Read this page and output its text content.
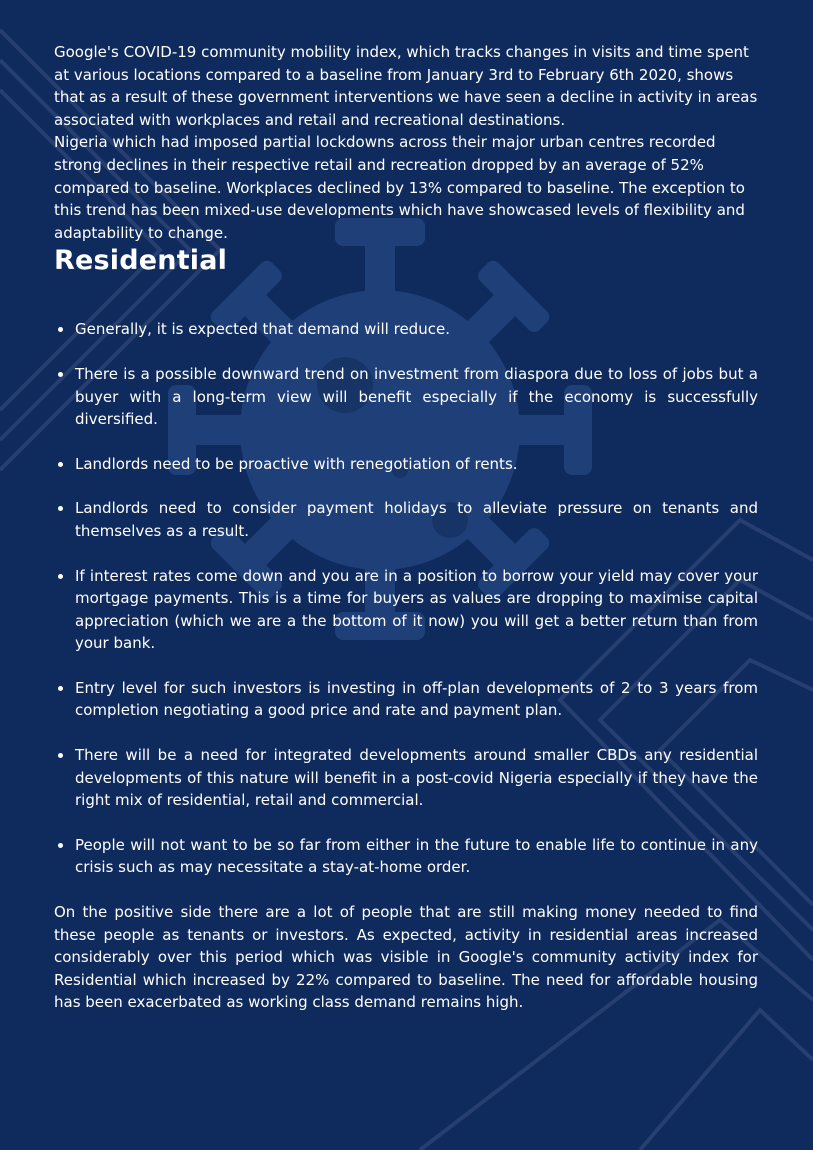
Google's COVID-19 community mobility index, which tracks changes in visits and time spent at various locations compared to a baseline from January 3rd to February 6th 2020, shows that as a result of these government interventions we have seen a decline in activity in areas associated with workplaces and retail and recreational destinations.

Nigeria which had imposed partial lockdowns across their major urban centres recorded strong declines in their respective retail and recreation dropped by an average of 52% compared to baseline. Workplaces declined by 13% compared to baseline. The exception to this trend has been mixed-use developments which have showcased levels of flexibility and adaptability to change.

Residential
Generally, it is expected that demand will reduce.
There is a possible downward trend on investment from diaspora due to loss of jobs but a buyer with a long-term view will benefit especially if the economy is successfully diversified.
Landlords need to be proactive with renegotiation of rents.
Landlords need to consider payment holidays to alleviate pressure on tenants and themselves as a result.
If interest rates come down and you are in a position to borrow your yield may cover your mortgage payments. This is a time for buyers as values are dropping to maximise capital appreciation (which we are a the bottom of it now) you will get a better return than from your bank.
Entry level for such investors is investing in off-plan developments of 2 to 3 years from completion negotiating a good price and rate and payment plan.
There will be a need for integrated developments around smaller CBDs any residential developments of this nature will benefit in a post-covid Nigeria especially if they have the right mix of residential, retail and commercial.
People will not want to be so far from either in the future to enable life to continue in any crisis such as may necessitate a stay-at-home order.

On the positive side there are a lot of people that are still making money needed to find these people as tenants or investors. As expected, activity in residential areas increased considerably over this period which was visible in Google's community activity index for Residential which increased by 22% compared to baseline. The need for affordable housing has been exacerbated as working class demand remains high.
